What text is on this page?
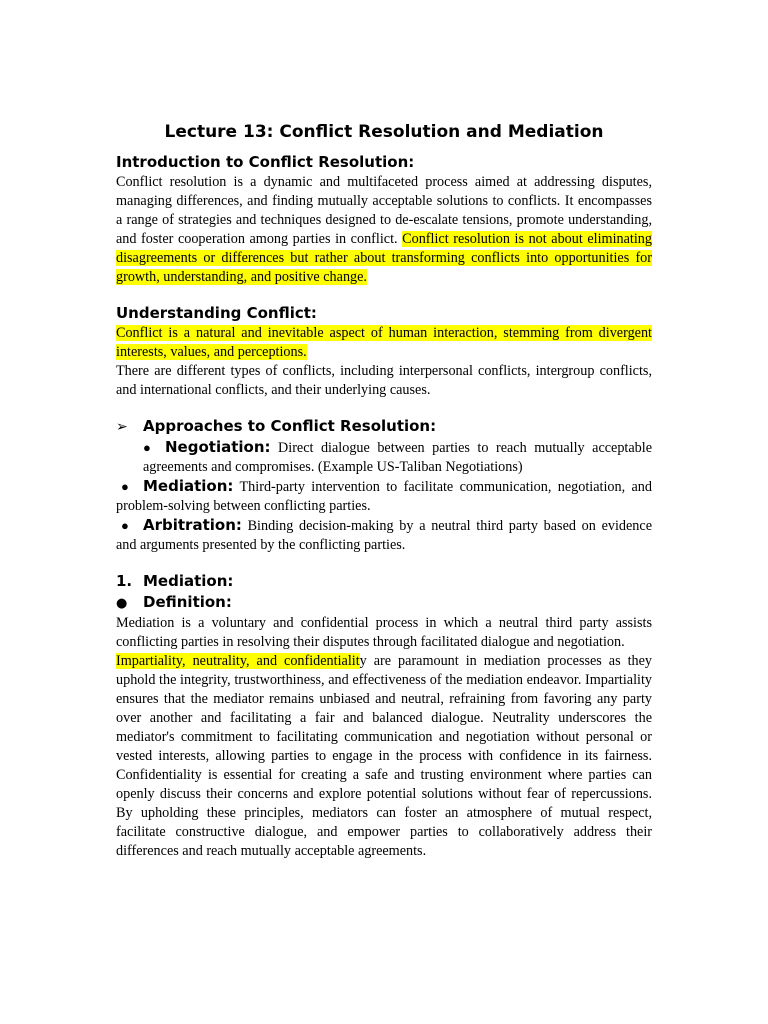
Lecture 13: Conflict Resolution and Mediation
Introduction to Conflict Resolution:

Conflict resolution is a dynamic and multifaceted process aimed at addressing disputes, managing differences, and finding mutually acceptable solutions to conflicts. It encompasses a range of strategies and techniques designed to de-escalate tensions, promote understanding, and foster cooperation among parties in conflict. Conflict resolution is not about eliminating disagreements or differences but rather about transforming conflicts into opportunities for growth, understanding, and positive change.

Understanding Conflict:

Conflict is a natural and inevitable aspect of human interaction, stemming from divergent interests, values, and perceptions.

There are different types of conflicts, including interpersonal conflicts, intergroup conflicts, and international conflicts, and their underlying causes.

➢ Approaches to Conflict Resolution:

● Negotiation: Direct dialogue between parties to reach mutually acceptable agreements and compromises. (Example US-Taliban Negotiations)

● Mediation: Third-party intervention to facilitate communication, negotiation, and problem-solving between conflicting parties.

● Arbitration: Binding decision-making by a neutral third party based on evidence and arguments presented by the conflicting parties.

1. Mediation:
● Definition:

Mediation is a voluntary and confidential process in which a neutral third party assists conflicting parties in resolving their disputes through facilitated dialogue and negotiation.

Impartiality, neutrality, and confidentiality are paramount in mediation processes as they uphold the integrity, trustworthiness, and effectiveness of the mediation endeavor. Impartiality ensures that the mediator remains unbiased and neutral, refraining from favoring any party over another and facilitating a fair and balanced dialogue. Neutrality underscores the mediator's commitment to facilitating communication and negotiation without personal or vested interests, allowing parties to engage in the process with confidence in its fairness. Confidentiality is essential for creating a safe and trusting environment where parties can openly discuss their concerns and explore potential solutions without fear of repercussions. By upholding these principles, mediators can foster an atmosphere of mutual respect, facilitate constructive dialogue, and empower parties to collaboratively address their differences and reach mutually acceptable agreements.
